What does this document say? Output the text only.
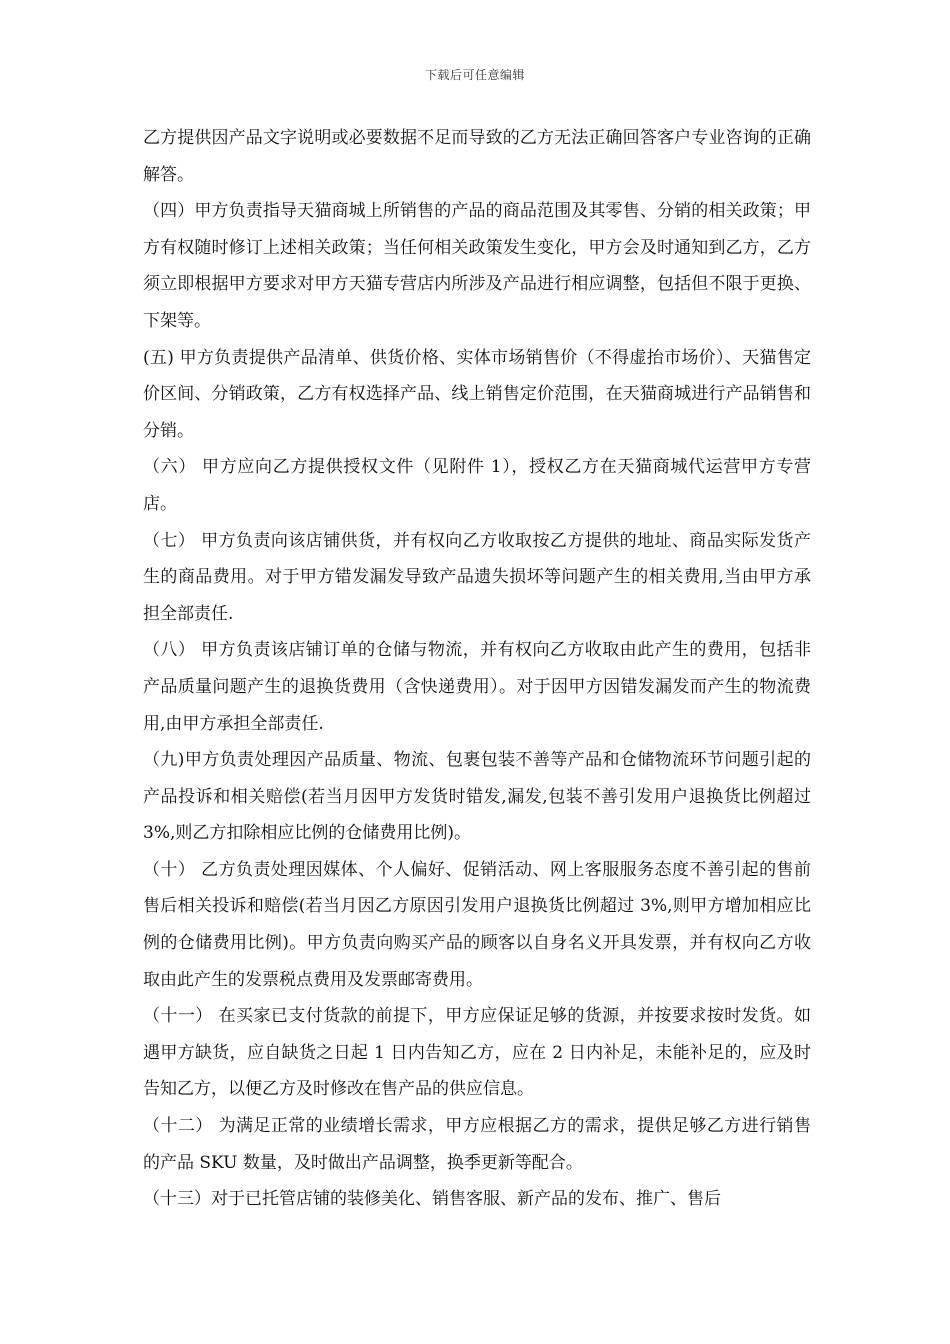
下载后可任意编辑

乙方提供因产品文字说明或必要数据不足而导致的乙方无法正确回答客户专业咨询的正确解答。

（四）甲方负责指导天猫商城上所销售的产品的商品范围及其零售、分销的相关政策；甲方有权随时修订上述相关政策；当任何相关政策发生变化，甲方会及时通知到乙方，乙方须立即根据甲方要求对甲方天猫专营店内所涉及产品进行相应调整，包括但不限于更换、下架等。

(五) 甲方负责提供产品清单、供货价格、实体市场销售价（不得虚抬市场价）、天猫售定价区间、分销政策，乙方有权选择产品、线上销售定价范围，在天猫商城进行产品销售和分销。

（六） 甲方应向乙方提供授权文件（见附件 1），授权乙方在天猫商城代运营甲方专营店。

（七） 甲方负责向该店铺供货，并有权向乙方收取按乙方提供的地址、商品实际发货产生的商品费用。对于甲方错发漏发导致产品遗失损坏等问题产生的相关费用,当由甲方承担全部责任.

（八） 甲方负责该店铺订单的仓储与物流，并有权向乙方收取由此产生的费用，包括非产品质量问题产生的退换货费用（含快递费用）。对于因甲方因错发漏发而产生的物流费用,由甲方承担全部责任.

（九)甲方负责处理因产品质量、物流、包裹包装不善等产品和仓储物流环节问题引起的产品投诉和相关赔偿(若当月因甲方发货时错发,漏发,包装不善引发用户退换货比例超过 3%,则乙方扣除相应比例的仓储费用比例)。

（十） 乙方负责处理因媒体、个人偏好、促销活动、网上客服服务态度不善引起的售前售后相关投诉和赔偿(若当月因乙方原因引发用户退换货比例超过 3%,则甲方增加相应比例的仓储费用比例)。甲方负责向购买产品的顾客以自身名义开具发票，并有权向乙方收取由此产生的发票税点费用及发票邮寄费用。

（十一） 在买家已支付货款的前提下，甲方应保证足够的货源，并按要求按时发货。如遇甲方缺货，应自缺货之日起 1 日内告知乙方，应在 2 日内补足，未能补足的，应及时告知乙方，以便乙方及时修改在售产品的供应信息。

（十二） 为满足正常的业绩增长需求，甲方应根据乙方的需求，提供足够乙方进行销售的产品 SKU 数量，及时做出产品调整，换季更新等配合。

（十三）对于已托管店铺的装修美化、销售客服、新产品的发布、推广、售后
